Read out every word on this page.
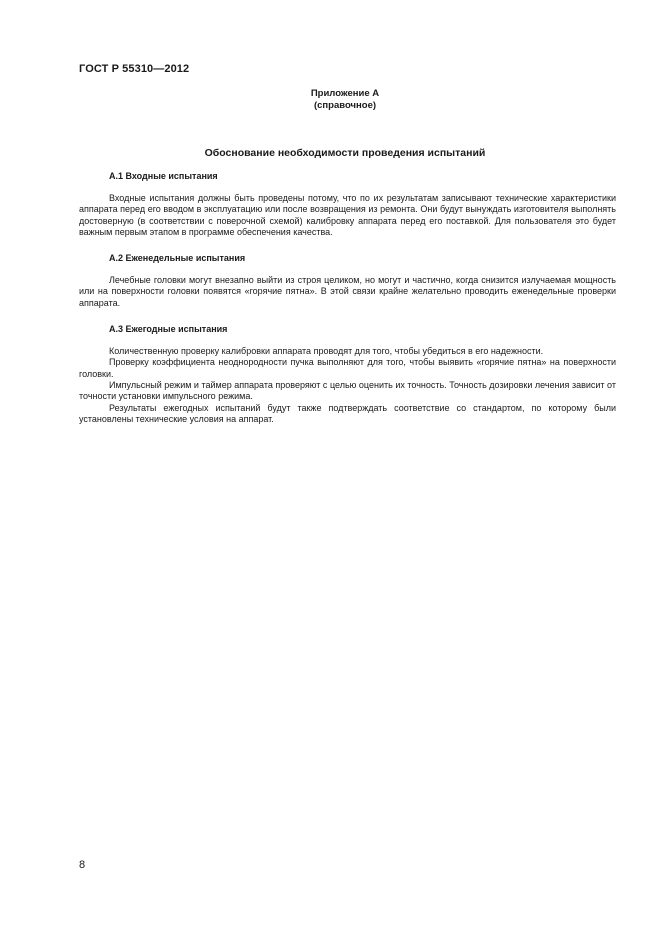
ГОСТ Р 55310—2012
Приложение А
(справочное)
Обоснование необходимости проведения испытаний
А.1 Входные испытания

Входные испытания должны быть проведены потому, что по их результатам записывают технические характеристики аппарата перед его вводом в эксплуатацию или после возвращения из ремонта. Они будут вынуждать изготовителя выполнять достоверную (в соответствии с поверочной схемой) калибровку аппарата перед его поставкой. Для пользователя это будет важным первым этапом в программе обеспечения качества.

А.2 Еженедельные испытания

Лечебные головки могут внезапно выйти из строя целиком, но могут и частично, когда снизится излучаемая мощность или на поверхности головки появятся «горячие пятна». В этой связи крайне желательно проводить еженедельные проверки аппарата.

А.3 Ежегодные испытания

Количественную проверку калибровки аппарата проводят для того, чтобы убедиться в его надежности.

Проверку коэффициента неоднородности пучка выполняют для того, чтобы выявить «горячие пятна» на поверхности головки.

Импульсный режим и таймер аппарата проверяют с целью оценить их точность. Точность дозировки лечения зависит от точности установки импульсного режима.

Результаты ежегодных испытаний будут также подтверждать соответствие со стандартом, по которому были установлены технические условия на аппарат.

8
